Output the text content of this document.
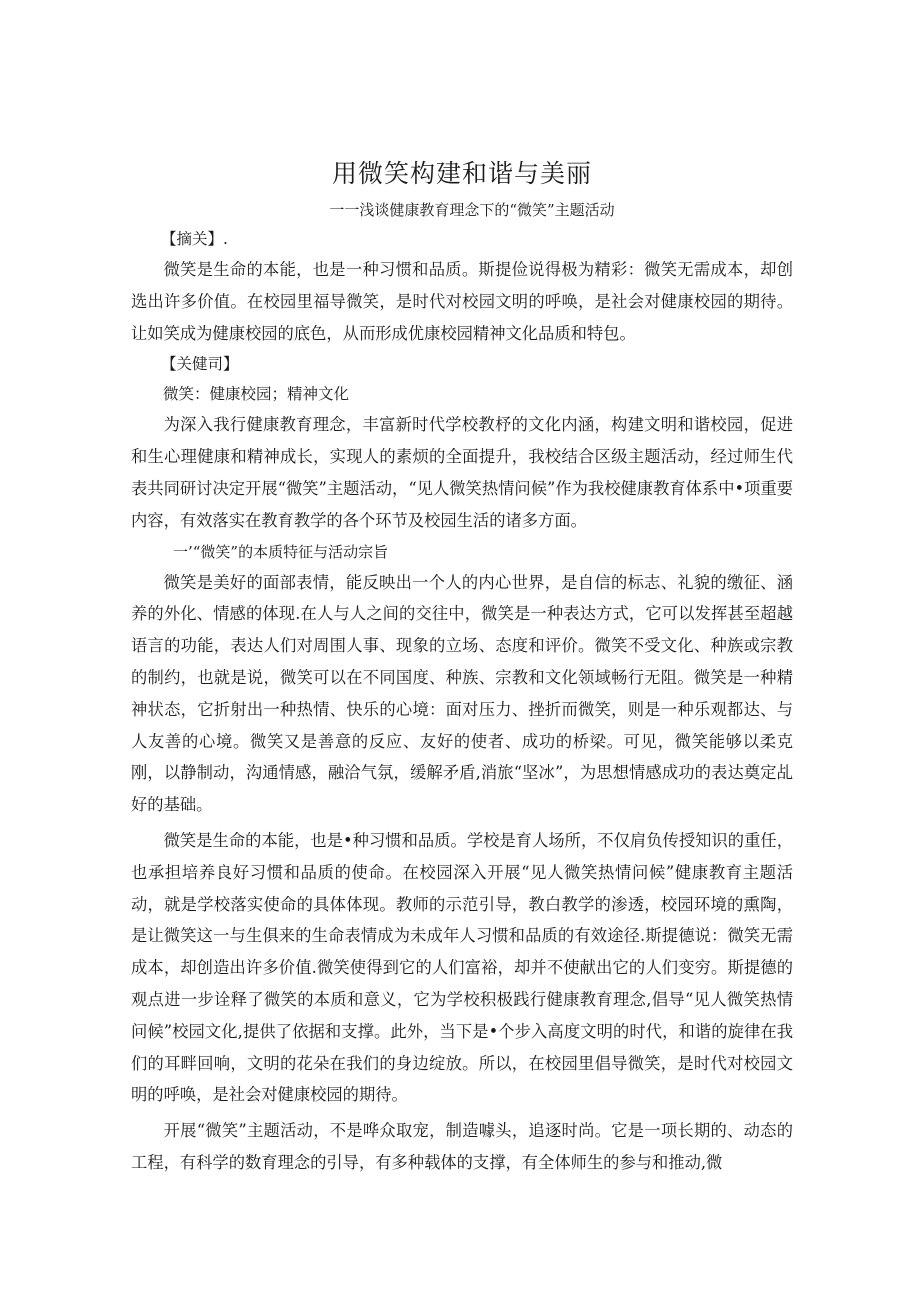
用微笑构建和谐与美丽

一一浅谈健康教育理念下的“微笑”主题活动

【摘关】.

微笑是生命的本能，也是一种习惯和品质。斯提俭说得极为精彩：微笑无需成本，却创选出许多价值。在校园里福导微笑，是时代对校园文明的呼唤，是社会对健康校园的期待。让如笑成为健康校园的底色，从而形成优康校园精神文化品质和特包。

【关健司】

微笑：健康校园；精神文化

为深入我行健康教育理念，丰富新时代学校教杼的文化内涵，构建文明和谐校园，促进和生心理健康和精神成长，实现人的素烦的全面提升，我校结合区级主题活动，经过师生代表共同研讨决定开展“微笑”主题活动，“见人微笑热情问候”作为我校健康教育体系中•项重要内容，有效落实在教育教学的各个环节及校园生活的诸多方面。

一’“微笑”的本质特征与活动宗旨

微笑是美好的面部表情，能反映出一个人的内心世界，是自信的标志、礼貌的缴征、涵养的外化、情感的体现.在人与人之间的交往中，微笑是一种表达方式，它可以发挥甚至超越语言的功能，表达人们对周围人事、现象的立场、态度和评价。微笑不受文化、种族或宗教的制约，也就是说，微笑可以在不同国度、种族、宗教和文化领域畅行无阻。微笑是一种精神状态，它折射出一种热情、快乐的心境：面对压力、挫折而微笑，则是一种乐观都达、与人友善的心境。微笑又是善意的反应、友好的使者、成功的桥梁。可见，微笑能够以柔克刚，以静制动，沟通情感，融洽气氛，缓解矛盾,消旅“坚冰”，为思想情感成功的表达奠定乩好的基础。

微笑是生命的本能，也是•种习惯和品质。学校是育人场所，不仅肩负传授知识的重任，也承担培养良好习惯和品质的使命。在校园深入开展“见人微笑热情问候”健康教育主题活动，就是学校落实使命的具体体现。教师的示范引导，教白教学的渗透，校园环境的熏陶，是让微笑这一与生俱来的生命表情成为未成年人习惯和品质的有效途径.斯提德说：微笑无需成本，却创造出许多价值.微笑使得到它的人们富裕，却并不使献出它的人们变穷。斯提德的观点进一步诠释了微笑的本质和意义，它为学校积极践行健康教育理念,倡导“见人微笑热情问候”校园文化,提供了依据和支撑。此外，当下是•个步入高度文明的时代，和谐的旋律在我们的耳畔回响，文明的花朵在我们的身边绽放。所以，在校园里倡导微笑，是时代对校园文明的呼唤，是社会对健康校园的期待。

开展“微笑”主题活动，不是哗众取宠，制造噱头，追逐时尚。它是一项长期的、动态的工程，有科学的数育理念的引导，有多种载体的支撑，有全体师生的参与和推动,微
